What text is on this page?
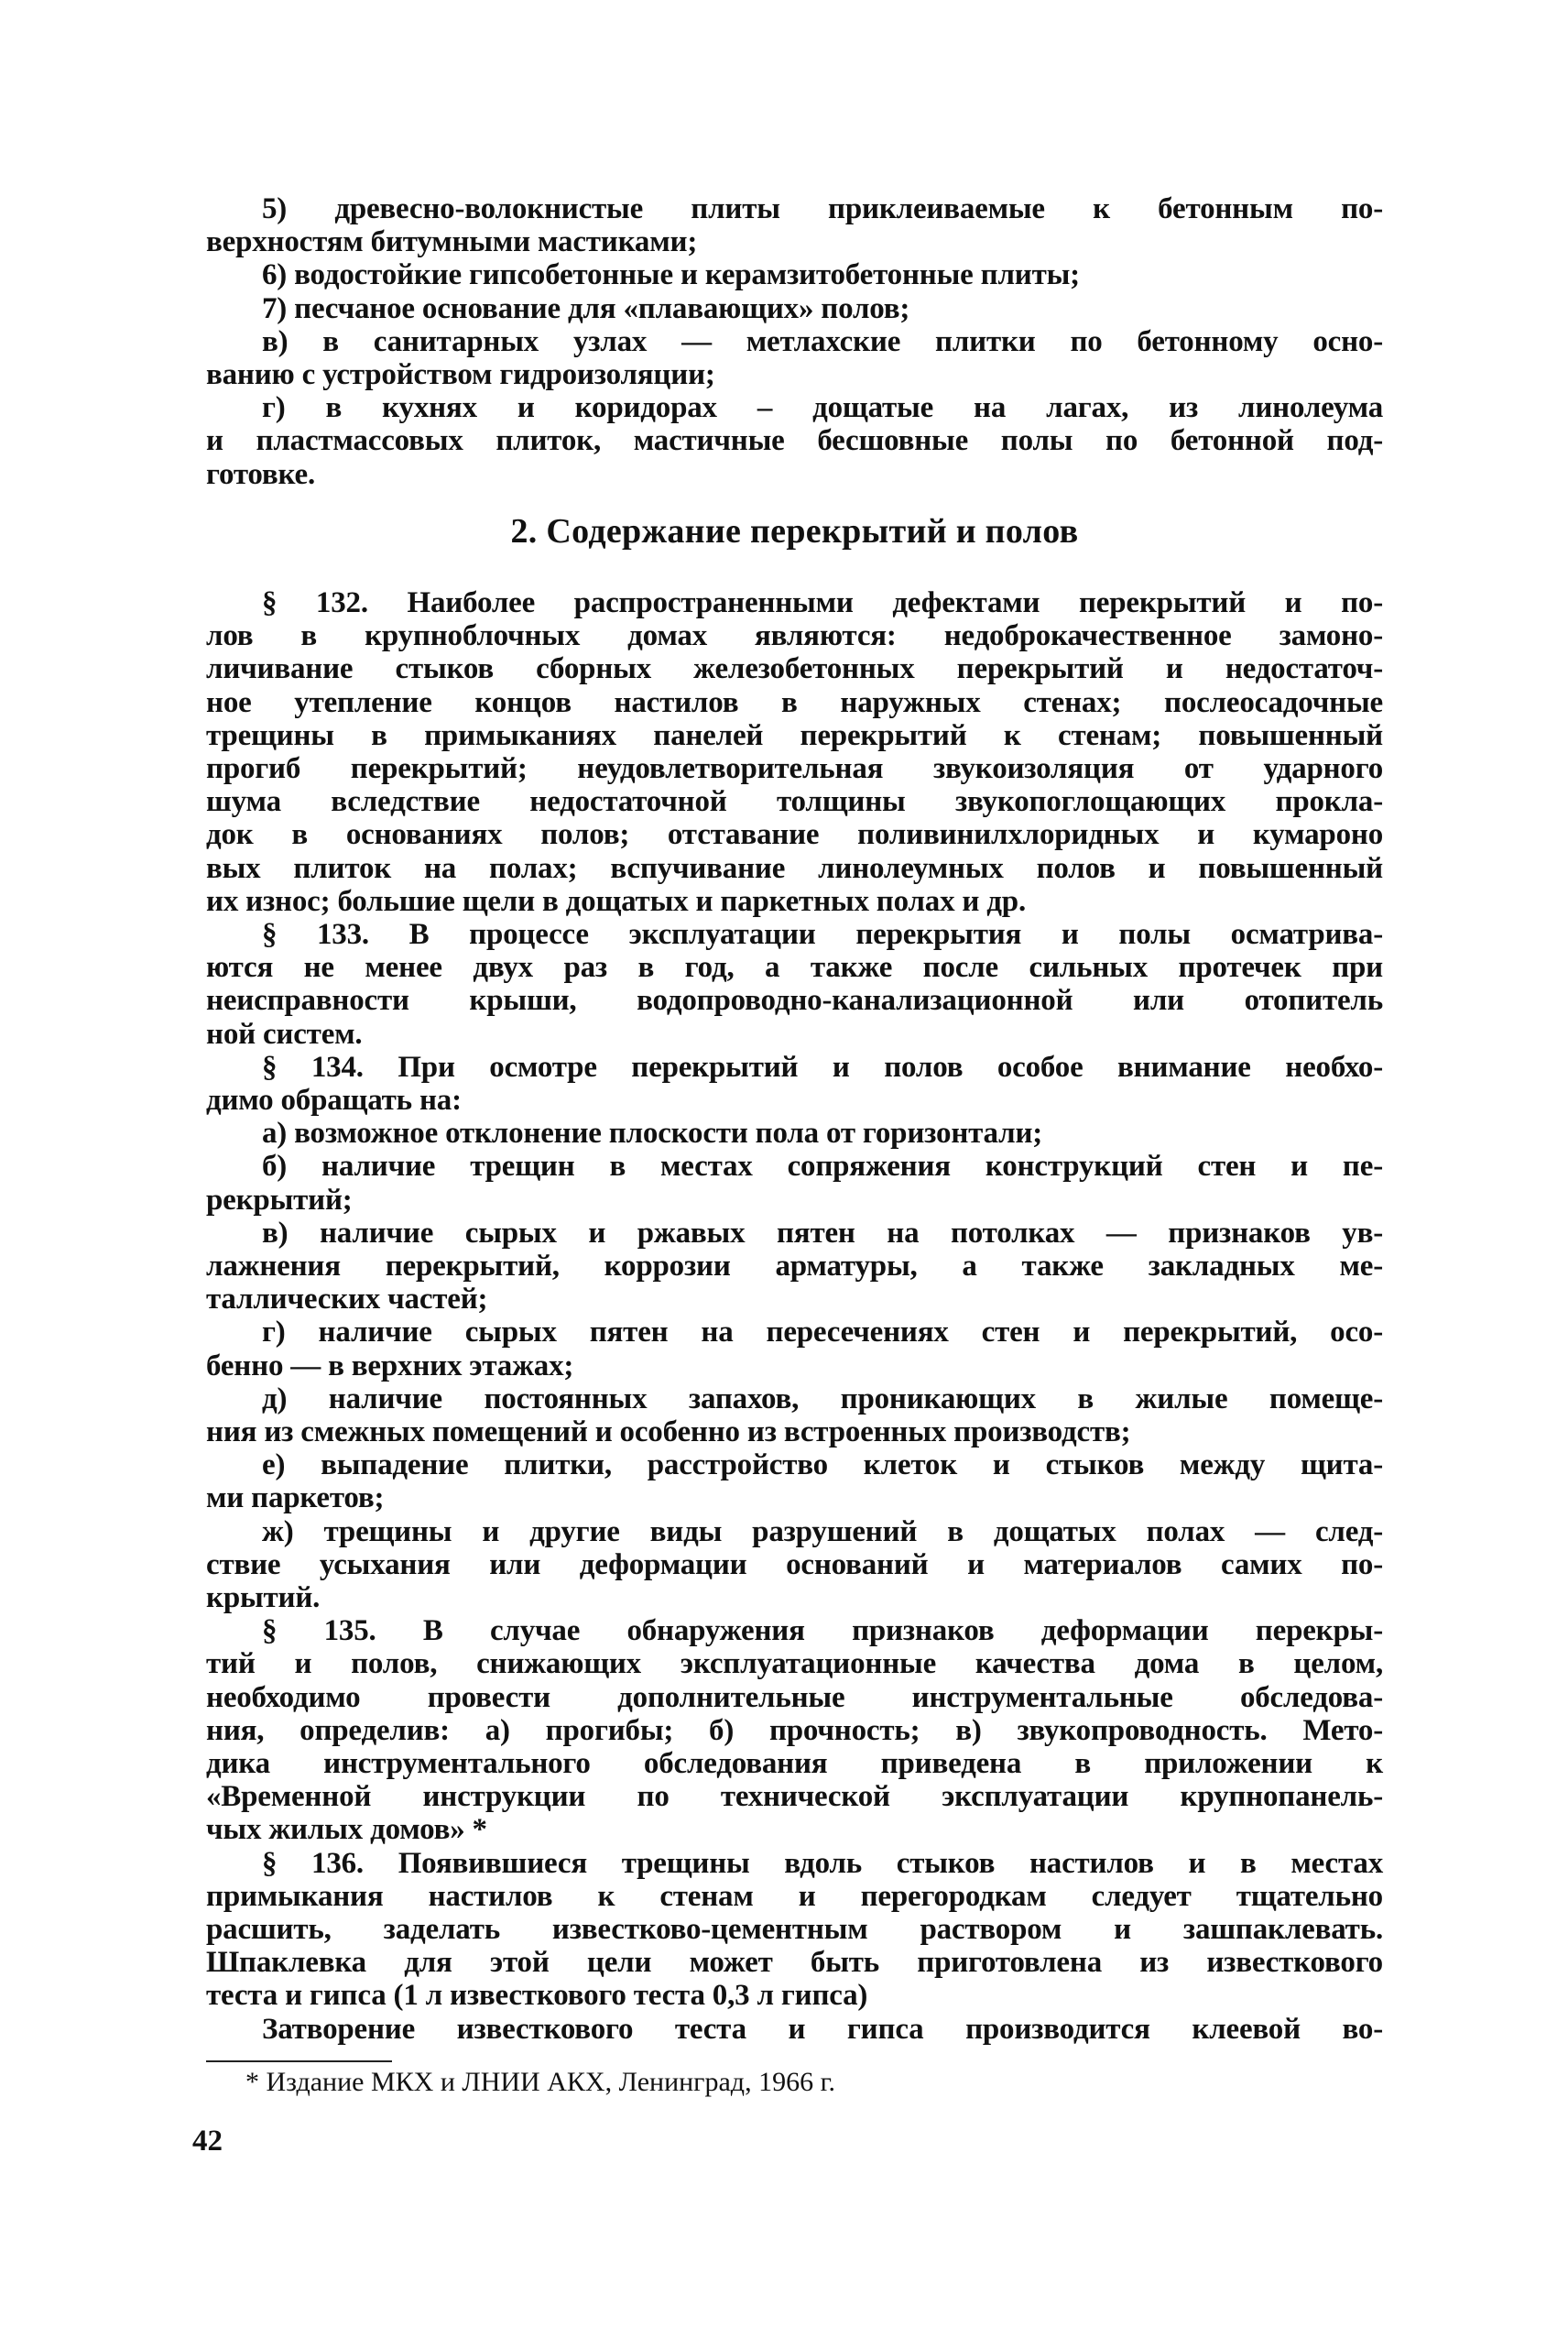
5) древесно-волокнистые плиты приклеиваемые к бетонным по-
верхностям битумными мастиками;
6) водостойкие гипсобетонные и керамзитобетонные плиты;
7) песчаное основание для «плавающих» полов;
в) в санитарных узлах — метлахские плитки по бетонному осно-
ванию с устройством гидроизоляции;
г) в кухнях и коридорах – дощатые на лагах, из линолеума
и пластмассовых плиток, мастичные бесшовные полы по бетонной под-
готовке.
2. Содержание перекрытий и полов
§ 132. Наиболее распространенными дефектами перекрытий и по-
лов в крупноблочных домах являются: недоброкачественное замоно-
личивание стыков сборных железобетонных перекрытий и недостаточ-
ное утепление концов настилов в наружных стенах; послеосадочные
трещины в примыканиях панелей перекрытий к стенам; повышенный
прогиб перекрытий; неудовлетворительная звукоизоляция от ударного
шума вследствие недостаточной толщины звукопоглощающих прокла-
док в основаниях полов; отставание поливинилхлоридных и кумароно
вых плиток на полах; вспучивание линолеумных полов и повышенный
их износ; большие щели в дощатых и паркетных полах и др.
§ 133. В процессе эксплуатации перекрытия и полы осматрива-
ются не менее двух раз в год, а также после сильных протечек при
неисправности крыши, водопроводно-канализационной или отопитель
ной систем.
§ 134. При осмотре перекрытий и полов особое внимание необхо-
димо обращать на:
а) возможное отклонение плоскости пола от горизонтали;
б) наличие трещин в местах сопряжения конструкций стен и пе-
рекрытий;
в) наличие сырых и ржавых пятен на потолках — признаков ув-
лажнения перекрытий, коррозии арматуры, а также закладных ме-
таллических частей;
г) наличие сырых пятен на пересечениях стен и перекрытий, осо-
бенно — в верхних этажах;
д) наличие постоянных запахов, проникающих в жилые помеще-
ния из смежных помещений и особенно из встроенных производств;
е) выпадение плитки, расстройство клеток и стыков между щита-
ми паркетов;
ж) трещины и другие виды разрушений в дощатых полах — след-
ствие усыхания или деформации оснований и материалов самих по-
крытий.
§ 135. В случае обнаружения признаков деформации перекры-
тий и полов, снижающих эксплуатационные качества дома в целом,
необходимо провести дополнительные инструментальные обследова-
ния, определив: а) прогибы; б) прочность; в) звукопроводность. Мето-
дика инструментального обследования приведена в приложении к
«Временной инструкции по технической эксплуатации крупнопанель-
чых жилых домов» *
§ 136. Появившиеся трещины вдоль стыков настилов и в местах
примыкания настилов к стенам и перегородкам следует тщательно
расшить, заделать известково-цементным раствором и зашпаклевать.
Шпаклевка для этой цели может быть приготовлена из известкового
теста и гипса (1 л известкового теста 0,3 л гипса)
Затворение известкового теста и гипса производится клеевой во-
* Издание МКХ и ЛНИИ АКХ, Ленинград, 1966 г.
42
